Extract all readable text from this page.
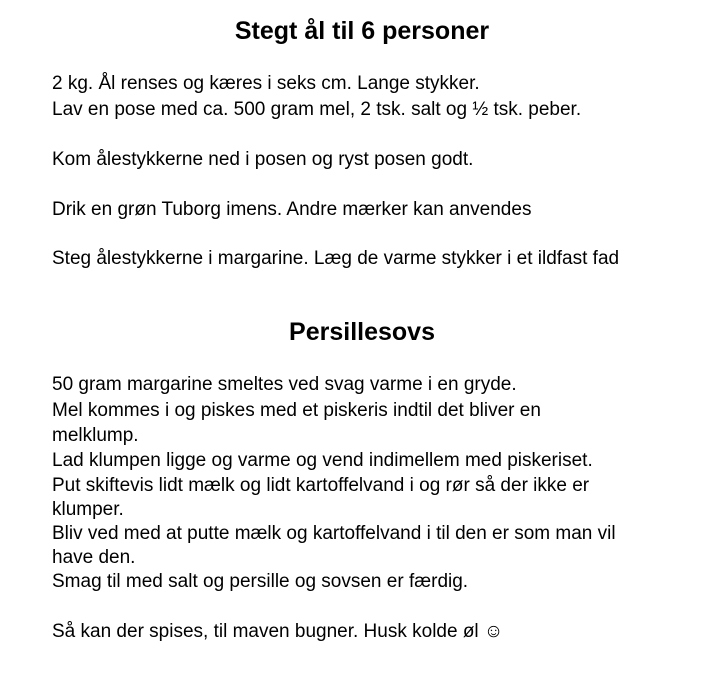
Stegt ål til 6 personer

2 kg. Ål renses og kæres i seks cm. Lange stykker.

Lav en pose med ca. 500 gram mel, 2 tsk. salt og ½ tsk. peber.

Kom ålestykkerne ned i posen og ryst posen godt.

Drik en grøn Tuborg imens. Andre mærker kan anvendes

Steg ålestykkerne i margarine. Læg de varme stykker i et ildfast fad

Persillesovs

50 gram margarine smeltes ved svag varme i en gryde.

Mel kommes i og piskes med et piskeris indtil det bliver en

melklump.

Lad klumpen ligge og varme og vend indimellem med piskeriset.

Put skiftevis lidt mælk og lidt kartoffelvand i og rør så der ikke er

klumper.

Bliv ved med at putte mælk og kartoffelvand i til den er som man vil

have den.

Smag til med salt og persille og sovsen er færdig.

Så kan der spises, til maven bugner. Husk kolde øl ☺
